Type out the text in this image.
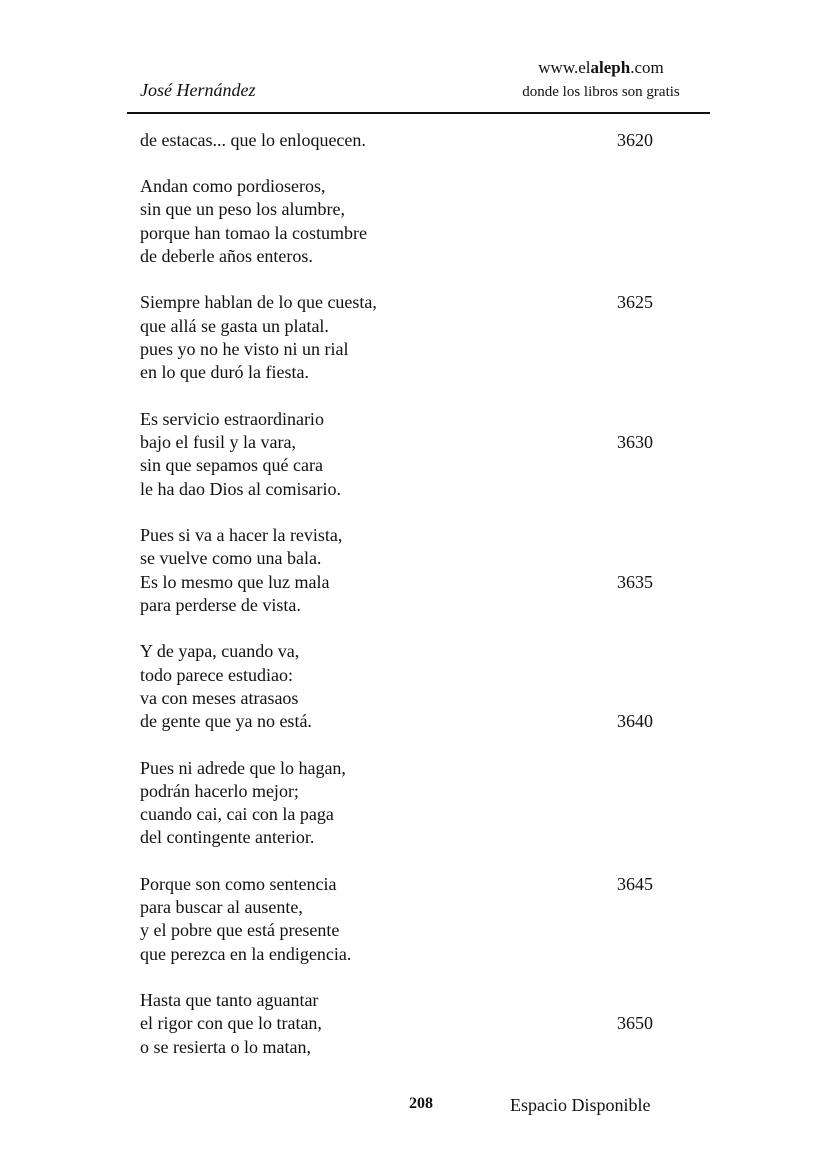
José Hernández
www.elaleph.com
donde los libros son gratis
de estacas... que lo enloquecen.
Andan como pordioseros,
sin que un peso los alumbre,
porque han tomao la costumbre
de deberle años enteros.
Siempre hablan de lo que cuesta,
que allá se gasta un platal.
pues yo no he visto ni un rial
en lo que duró la fiesta.
Es servicio estraordinario
bajo el fusil y la vara,
sin que sepamos qué cara
le ha dao Dios al comisario.
Pues si va a hacer la revista,
se vuelve como una bala.
Es lo mesmo que luz mala
para perderse de vista.
Y de yapa, cuando va,
todo parece estudiao:
va con meses atrasaos
de gente que ya no está.
Pues ni adrede que lo hagan,
podrán hacerlo mejor;
cuando cai, cai con la paga
del contingente anterior.
Porque son como sentencia
para buscar al ausente,
y el pobre que está presente
que perezca en la endigencia.
Hasta que tanto aguantar
el rigor con que lo tratan,
o se resierta o lo matan,
3620
3625
3630
3635
3640
3645
3650
208	Espacio Disponible
